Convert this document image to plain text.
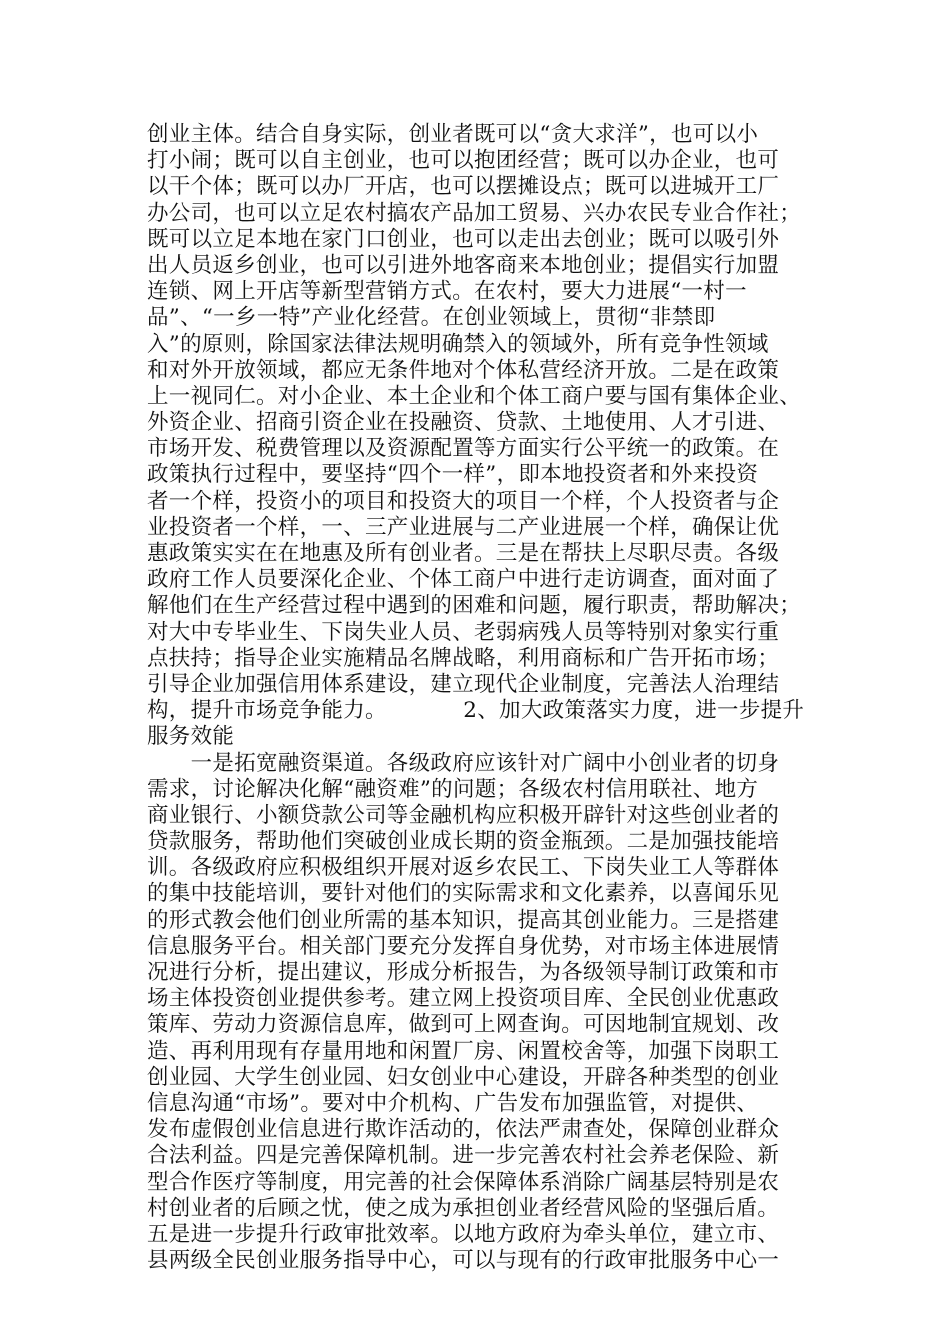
创业主体。结合自身实际，创业者既可以“贪大求洋”，也可以小
打小闹；既可以自主创业，也可以抱团经营；既可以办企业，也可
以干个体；既可以办厂开店，也可以摆摊设点；既可以进城开工厂
办公司，也可以立足农村搞农产品加工贸易、兴办农民专业合作社；
既可以立足本地在家门口创业，也可以走出去创业；既可以吸引外
出人员返乡创业，也可以引进外地客商来本地创业；提倡实行加盟
连锁、网上开店等新型营销方式。在农村，要大力进展“一村一
品”、“一乡一特”产业化经营。在创业领域上，贯彻“非禁即
入”的原则，除国家法律法规明确禁入的领域外，所有竞争性领域
和对外开放领域，都应无条件地对个体私营经济开放。二是在政策
上一视同仁。对小企业、本土企业和个体工商户要与国有集体企业、
外资企业、招商引资企业在投融资、贷款、土地使用、人才引进、
市场开发、税费管理以及资源配置等方面实行公平统一的政策。在
政策执行过程中，要坚持“四个一样”，即本地投资者和外来投资
者一个样，投资小的项目和投资大的项目一个样，个人投资者与企
业投资者一个样，一、三产业进展与二产业进展一个样，确保让优
惠政策实实在在地惠及所有创业者。三是在帮扶上尽职尽责。各级
政府工作人员要深化企业、个体工商户中进行走访调查，面对面了
解他们在生产经营过程中遇到的困难和问题，履行职责，帮助解决；
对大中专毕业生、下岗失业人员、老弱病残人员等特别对象实行重
点扶持；指导企业实施精品名牌战略，利用商标和广告开拓市场；
引导企业加强信用体系建设，建立现代企业制度，完善法人治理结
构，提升市场竞争能力。　　　　2、加大政策落实力度，进一步提升
服务效能
　　一是拓宽融资渠道。各级政府应该针对广阔中小创业者的切身
需求，讨论解决化解“融资难”的问题；各级农村信用联社、地方
商业银行、小额贷款公司等金融机构应积极开辟针对这些创业者的
贷款服务，帮助他们突破创业成长期的资金瓶颈。二是加强技能培
训。各级政府应积极组织开展对返乡农民工、下岗失业工人等群体
的集中技能培训，要针对他们的实际需求和文化素养，以喜闻乐见
的形式教会他们创业所需的基本知识，提高其创业能力。三是搭建
信息服务平台。相关部门要充分发挥自身优势，对市场主体进展情
况进行分析，提出建议，形成分析报告，为各级领导制订政策和市
场主体投资创业提供参考。建立网上投资项目库、全民创业优惠政
策库、劳动力资源信息库，做到可上网查询。可因地制宜规划、改
造、再利用现有存量用地和闲置厂房、闲置校舍等，加强下岗职工
创业园、大学生创业园、妇女创业中心建设，开辟各种类型的创业
信息沟通“市场”。要对中介机构、广告发布加强监管，对提供、
发布虚假创业信息进行欺诈活动的，依法严肃查处，保障创业群众
合法利益。四是完善保障机制。进一步完善农村社会养老保险、新
型合作医疗等制度，用完善的社会保障体系消除广阔基层特别是农
村创业者的后顾之忧，使之成为承担创业者经营风险的坚强后盾。
五是进一步提升行政审批效率。以地方政府为牵头单位，建立市、
县两级全民创业服务指导中心，可以与现有的行政审批服务中心一
